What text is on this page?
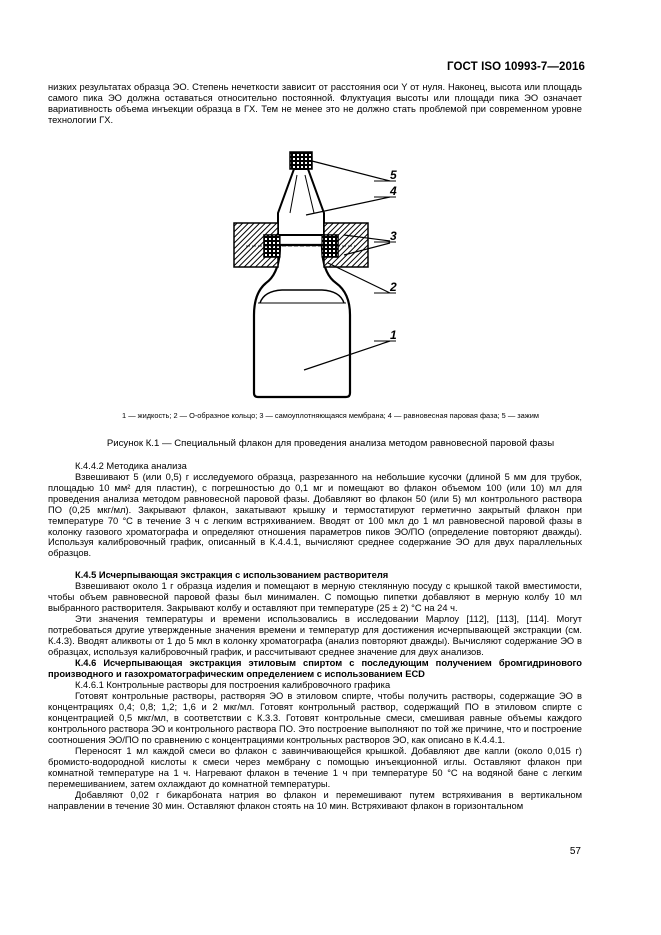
ГОСТ ISO 10993-7—2016
низких результатах образца ЭО. Степень нечеткости зависит от расстояния оси Y от нуля. Наконец, высота или площадь самого пика ЭО должна оставаться относительно постоянной. Флуктуация высоты или площади пика ЭО означает вариативность объема инъекции образца в ГХ. Тем не менее это не должно стать проблемой при современном уровне технологии ГХ.
5
4
3
2
1
1 — жидкость; 2 — О-образное кольцо; 3 — самоуплотняющаяся мембрана; 4 — равновесная паровая фаза; 5 — зажим
Рисунок К.1 — Специальный флакон для проведения анализа методом равновесной паровой фазы
К.4.4.2 Методика анализа
Взвешивают 5 (или 0,5) г исследуемого образца, разрезанного на небольшие кусочки (длиной 5 мм для трубок, площадью 10 мм² для пластин), с погрешностью до 0,1 мг и помещают во флакон объемом 100 (или 10) мл для проведения анализа методом равновесной паровой фазы. Добавляют во флакон 50 (или 5) мл контрольного раствора ПО (0,25 мкг/мл). Закрывают флакон, закатывают крышку и термостатируют герметично закрытый флакон при температуре 70 °С в течение 3 ч с легким встряхиванием. Вводят от 100 мкл до 1 мл равновесной паровой фазы в колонку газового хроматографа и определяют отношения параметров пиков ЭО/ПО (определение повторяют дважды). Используя калибровочный график, описанный в К.4.4.1, вычисляют среднее содержание ЭО для двух параллельных образцов.
К.4.5 Исчерпывающая экстракция с использованием растворителя
Взвешивают около 1 г образца изделия и помещают в мерную стеклянную посуду с крышкой такой вместимости, чтобы объем равновесной паровой фазы был минимален. С помощью пипетки добавляют в мерную колбу 10 мл выбранного растворителя. Закрывают колбу и оставляют при температуре (25 ± 2) °С на 24 ч.
Эти значения температуры и времени использовались в исследовании Марлоу [112], [113], [114]. Могут потребоваться другие утвержденные значения времени и температур для достижения исчерпывающей экстракции (см. К.4.3). Вводят аликвоты от 1 до 5 мкл в колонку хроматографа (анализ повторяют дважды). Вычисляют содержание ЭО в образцах, используя калибровочный график, и рассчитывают среднее значение для двух анализов.
К.4.6 Исчерпывающая экстракция этиловым спиртом с последующим получением бромгидринового производного и газохроматографическим определением с использованием ECD
К.4.6.1 Контрольные растворы для построения калибровочного графика
Готовят контрольные растворы, растворяя ЭО в этиловом спирте, чтобы получить растворы, содержащие ЭО в концентрациях 0,4; 0,8; 1,2; 1,6 и 2 мкг/мл. Готовят контрольный раствор, содержащий ПО в этиловом спирте с концентрацией 0,5 мкг/мл, в соответствии с К.3.3. Готовят контрольные смеси, смешивая равные объемы каждого контрольного раствора ЭО и контрольного раствора ПО. Это построение выполняют по той же причине, что и построение соотношения ЭО/ПО по сравнению с концентрациями контрольных растворов ЭО, как описано в К.4.4.1.
Переносят 1 мл каждой смеси во флакон с завинчивающейся крышкой. Добавляют две капли (около 0,015 г) бромисто-водородной кислоты к смеси через мембрану с помощью инъекционной иглы. Оставляют флакон при комнатной температуре на 1 ч. Нагревают флакон в течение 1 ч при температуре 50 °С на водяной бане с легким перемешиванием, затем охлаждают до комнатной температуры.
Добавляют 0,02 г бикарбоната натрия во флакон и перемешивают путем встряхивания в вертикальном направлении в течение 30 мин. Оставляют флакон стоять на 10 мин. Встряхивают флакон в горизонтальном
57
